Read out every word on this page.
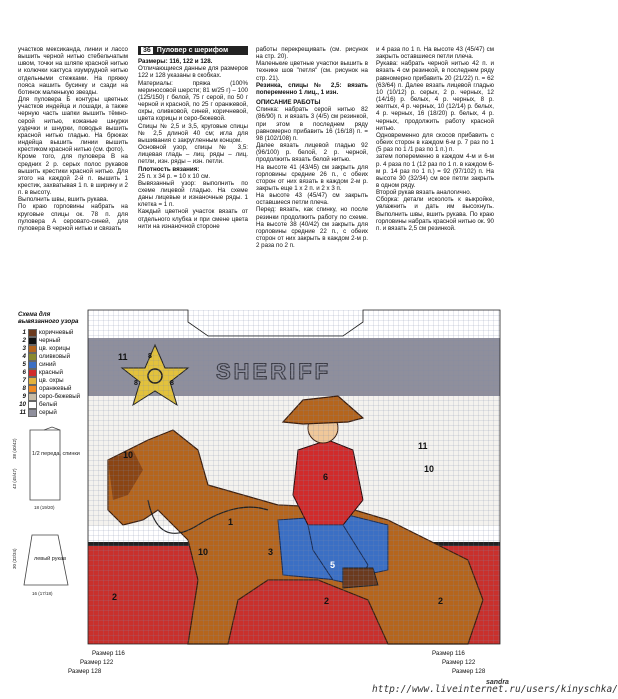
участков мексиканда, линии и лассо вышить черной нитью стебельчатым швом, точки на шляпе красной нитью и колючки кактуса изумрудной нитью отдельными стежками. На пряжку пояса нашить бусинку и сзади на ботинок маленькую звезды.

Для пуловера Б контуры цветных участков индейца и лошади, а также черную часть шапки вышить тёмно-серой нитью, кожаные шнурки уздечки и шнурки, поводья вышить красной нитью гладью. На брюках индейца вышить линии вышить крестиком красной нитью (см. фото).

Кроме того, для пуловера В на средних 2 р. серых полос рукавов вышить крестики красной нитью. Для этого на каждой 2-й п. вышить 1 крестик, захватывая 1 п. в ширину и 2 п. в высоту.

Выполнить швы, вшить рукава.

По краю горловины набрать на круговые спицы ок. 78 п. для пуловера А серовато-синей, для пуловера В черной нитью и связать

36 Пуловер с шерифом

Размеры: 116, 122 и 128.

Отличающиеся данные для размеров 122 и 128 указаны в скобках.

Материалы: пряжа (100% мериносовой шерсти; 81 м/25 г) – 100 (125/150) г белой, 75 г серой, по 50 г черной и красной, по 25 г оранжевой, охры, оливковой, синей, коричневой, цвета корицы и серо-бежевой.

Спицы № 2,5 и 3,5, круговые спицы № 2,5 длиной 40 см; игла для вышивания с закругленным концом.

Основной узор, спицы № 3,5: лицевая гладь – лиц. ряды – лиц. петли, изн. ряды – изн. петли.

Плотность вязания:

25 п. х 34 р. = 10 х 10 см.

Вывязанный узор: выполнить по схеме лицевой гладью. На схеме даны лицевые и изнаночные ряды. 1 клетка = 1 п.

Каждый цветной участок вязать от отдельного клубка и при смене цвета нити на изнаночной стороне

работы перекрещивать (см. рисунок на стр. 20).

Маленькие цветные участки вышить в технике шов "петля" (см. рисунок на стр. 21).

Резинка, спицы № 2,5: вязать попеременно 1 лиц., 1 изн.

ОПИСАНИЕ РАБОТЫ

Спинка: набрать серой нитью 82 (86/90) п. и вязать 3 (4/5) см резинкой, при этом в последнем ряду равномерно прибавить 16 (16/18) п. = 98 (102/108) п.

Далее вязать лицевой гладью 92 (96/100) р. белой, 2 р. черной, продолжить вязать белой нитью.

На высоте 41 (43/45) см закрыть для горловины средние 26 п., с обеих сторон от них вязать в каждом 2-м р. закрыть еще 1 х 2 п. и 2 х 3 п.

На высоте 43 (45/47) см закрыть оставшиеся петли плеча.

Перед: вязать, как спинку, но после резинки продолжить работу по схеме. На высоте 38 (40/42) см закрыть для горловины средние 22 п., с обеих сторон от них закрыть в каждом 2-м р. 2 раза по 2 п.

и 4 раза по 1 п. На высоте 43 (45/47) см закрыть оставшиеся петли плеча.

Рукава: набрать черной нитью 42 п. и вязать 4 см резинкой, в последнем ряду равномерно прибавить 20 (21/22) п. = 62 (63/64) п. Далее вязать лицевой гладью 10 (10/12) р. серых, 2 р. черных, 12 (14/16) р. белых, 4 р. черных, 8 р. желтых, 4 р. черных, 10 (12/14) р. белых, 4 р. черных, 16 (18/20) р. белых, 4 р. черных, продолжить работу красной нитью.

Одновременно для скосов прибавить с обеих сторон в каждом 6-м р. 7 раз по 1 (5 раз по 1 /1 раз по 1 п.) п.

затем попеременно в каждом 4-м и 6-м р. 4 раза по 1 (12 раз по 1 п. в каждом 6-м р. 14 раз по 1 п.) = 92 (97/102) п. На высоте 30 (32/34) см все петли закрыть в одном ряду.

Второй рукав вязать аналогично.

Сборка: детали исколоть к выкройке, увлажнить и дать им высохнуть. Выполнить швы, вшить рукава. По краю горловины набрать красной нитью ок. 90 п. и вязать 2,5 см резинкой.

Схема для вывязанного узора
1 коричневый
2 черный
3 цв. корицы
4 оливковый
5 синий
6 красный
7 цв. охры
8 оранжевый
9 серо-бежевый
10 белый
11 серый
11
11
10
10
10
1
2	2	2
3
5
6
8
8
8
Размер 116
Размер 122
Размер 128
Размер 116
Размер 122
Размер 128
1/2 переда, спинки
38 (40/42)
43 (45/47)
18 (19/20)
левый рукав
30 (32/34)
16 (17/18)
sandra
http://www.liveinternet.ru/users/kinyschka/
